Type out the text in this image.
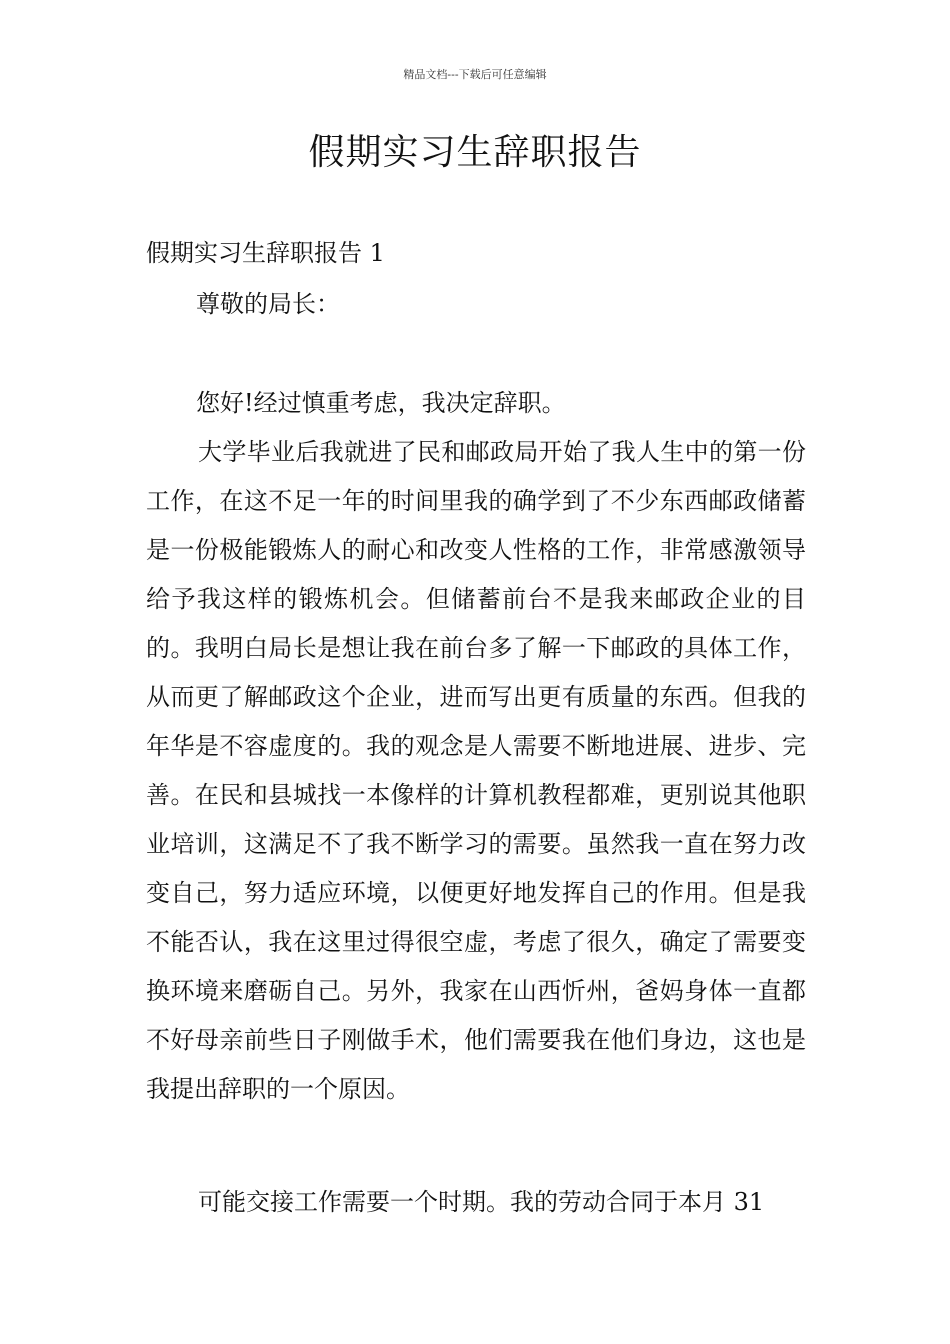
精品文档---下载后可任意编辑
假期实习生辞职报告
假期实习生辞职报告 1
尊敬的局长：
您好!经过慎重考虑，我决定辞职。

大学毕业后我就进了民和邮政局开始了我人生中的第一份工作，在这不足一年的时间里我的确学到了不少东西邮政储蓄是一份极能锻炼人的耐心和改变人性格的工作，非常感激领导给予我这样的锻炼机会。但储蓄前台不是我来邮政企业的目的。我明白局长是想让我在前台多了解一下邮政的具体工作，从而更了解邮政这个企业，进而写出更有质量的东西。但我的年华是不容虚度的。我的观念是人需要不断地进展、进步、完善。在民和县城找一本像样的计算机教程都难，更别说其他职业培训，这满足不了我不断学习的需要。虽然我一直在努力改变自己，努力适应环境，以便更好地发挥自己的作用。但是我不能否认，我在这里过得很空虚，考虑了很久，确定了需要变换环境来磨砺自己。另外，我家在山西忻州，爸妈身体一直都不好母亲前些日子刚做手术，他们需要我在他们身边，这也是我提出辞职的一个原因。

可能交接工作需要一个时期。我的劳动合同于本月 31
